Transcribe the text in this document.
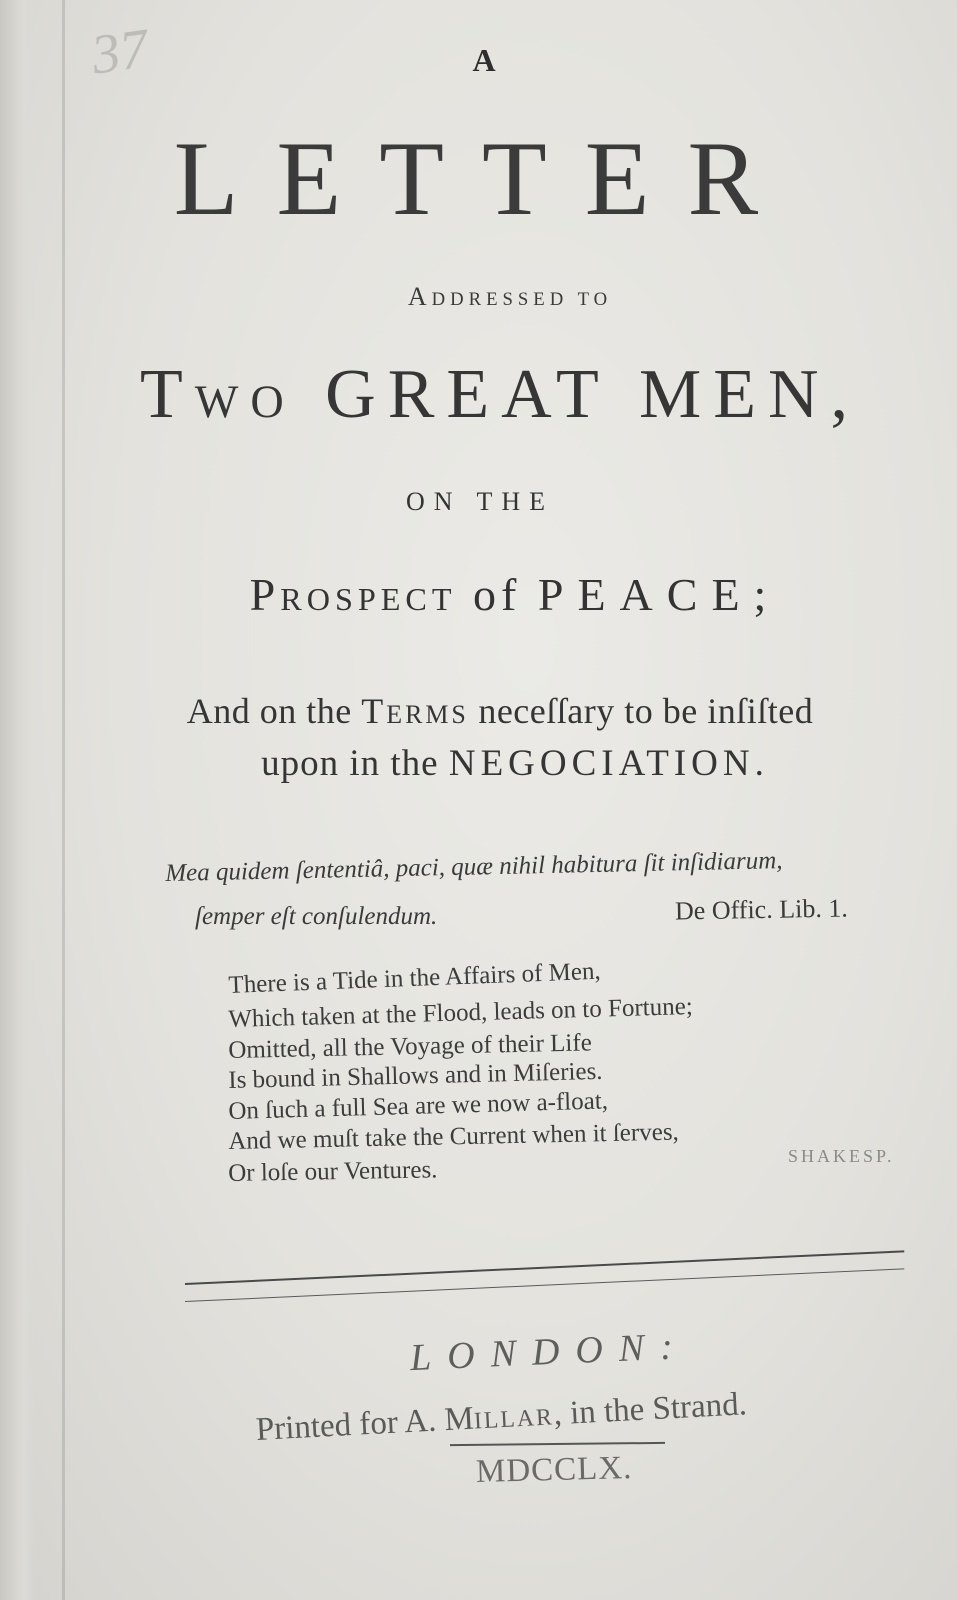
37	A
LETTER
ADDRESSED TO
TWO GREAT MEN,
ON THE
PROSPECT of PEACE;
And on the TERMS neceſſary to be inſiſted
upon in the NEGOCIATION.
Mea quidem ſententiâ, paci, quæ nihil habitura ſit inſidiarum,
ſemper eſt conſulendum.	De Offic. Lib. 1.
There is a Tide in the Affairs of Men,
Which taken at the Flood, leads on to Fortune;
Omitted, all the Voyage of their Life
Is bound in Shallows and in Miſeries.
On ſuch a full Sea are we now a-float,
And we muſt take the Current when it ſerves,
Or loſe our Ventures.
SHAKESP.
LONDON:
Printed for A. MILLAR, in the Strand.
MDCCLX.
